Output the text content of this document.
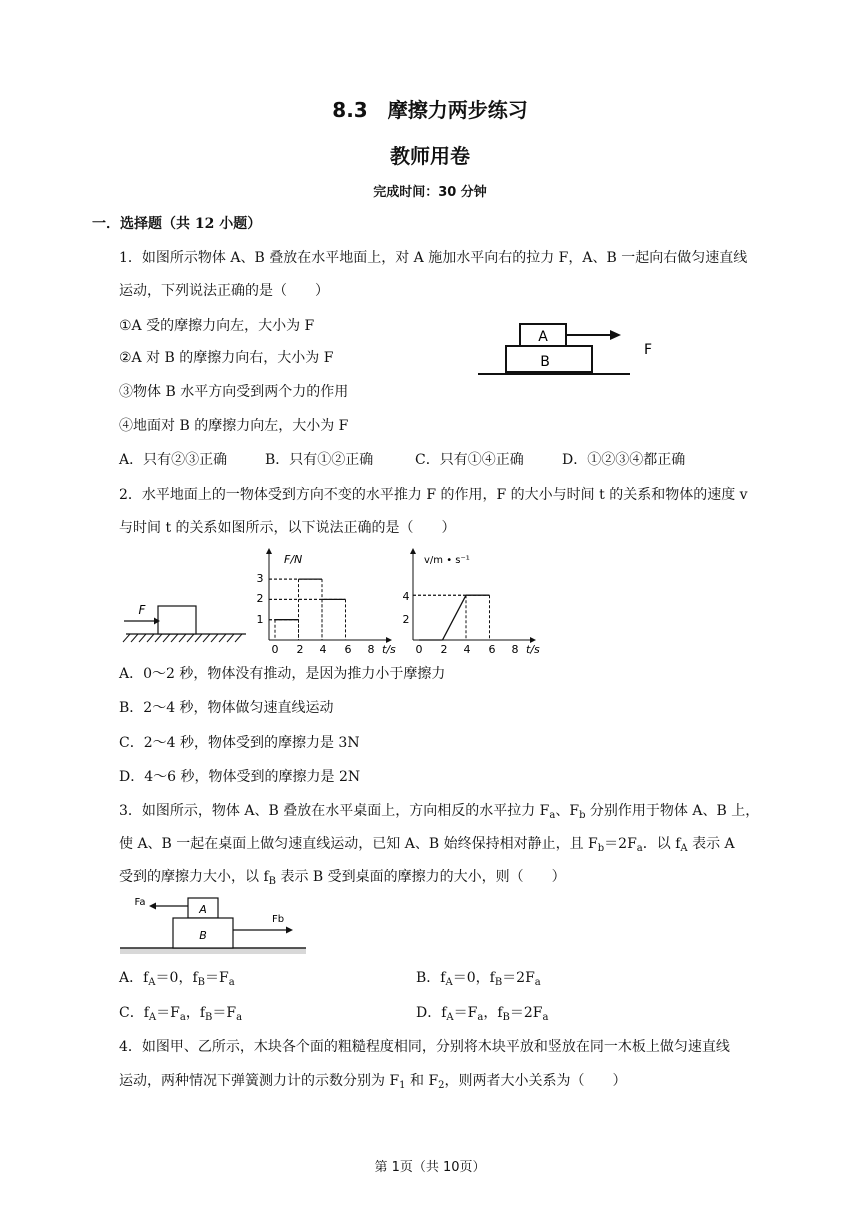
8.3　摩擦力两步练习
教师用卷
完成时间：30 分钟
一．选择题（共 12 小题）
1．如图所示物体 A、B 叠放在水平地面上，对 A 施加水平向右的拉力 F，A、B 一起向右做匀速直线
运动，下列说法正确的是（　　）
①A 受的摩擦力向左，大小为 F
②A 对 B 的摩擦力向右，大小为 F
③物体 B 水平方向受到两个力的作用
④地面对 B 的摩擦力向左，大小为 F
A．只有②③正确	B．只有①②正确	C．只有①④正确	D．①②③④都正确
A
B
F
2．水平地面上的一物体受到方向不变的水平推力 F 的作用，F 的大小与时间 t 的关系和物体的速度 v
与时间 t 的关系如图所示，以下说法正确的是（　　）
F
F/N
t/s
3
2
1
0 2 4 6 8
v/m • s⁻¹
t/s
4
2
0 2 4 6 8
A．0～2 秒，物体没有推动，是因为推力小于摩擦力
B．2～4 秒，物体做匀速直线运动
C．2～4 秒，物体受到的摩擦力是 3N
D．4～6 秒，物体受到的摩擦力是 2N
3．如图所示，物体 A、B 叠放在水平桌面上，方向相反的水平拉力 $F_a$、$F_b$ 分别作用于物体 A、B 上，
使 A、B 一起在桌面上做匀速直线运动，已知 A、B 始终保持相对静止，且 $F_b=2F_a$．以 $f_A$ 表示 A
受到的摩擦力大小，以 $f_B$ 表示 B 受到桌面的摩擦力的大小，则（　　）
A
B
Fa
Fb
A．$f_A=0$，$f_B=F_a$	B．$f_A=0$，$f_B=2F_a$
C．$f_A=F_a$，$f_B=F_a$	D．$f_A=F_a$，$f_B=2F_a$
4．如图甲、乙所示，木块各个面的粗糙程度相同，分别将木块平放和竖放在同一木板上做匀速直线
运动，两种情况下弹簧测力计的示数分别为 $F_1$ 和 $F_2$，则两者大小关系为（　　）
第 1页（共 10页）
